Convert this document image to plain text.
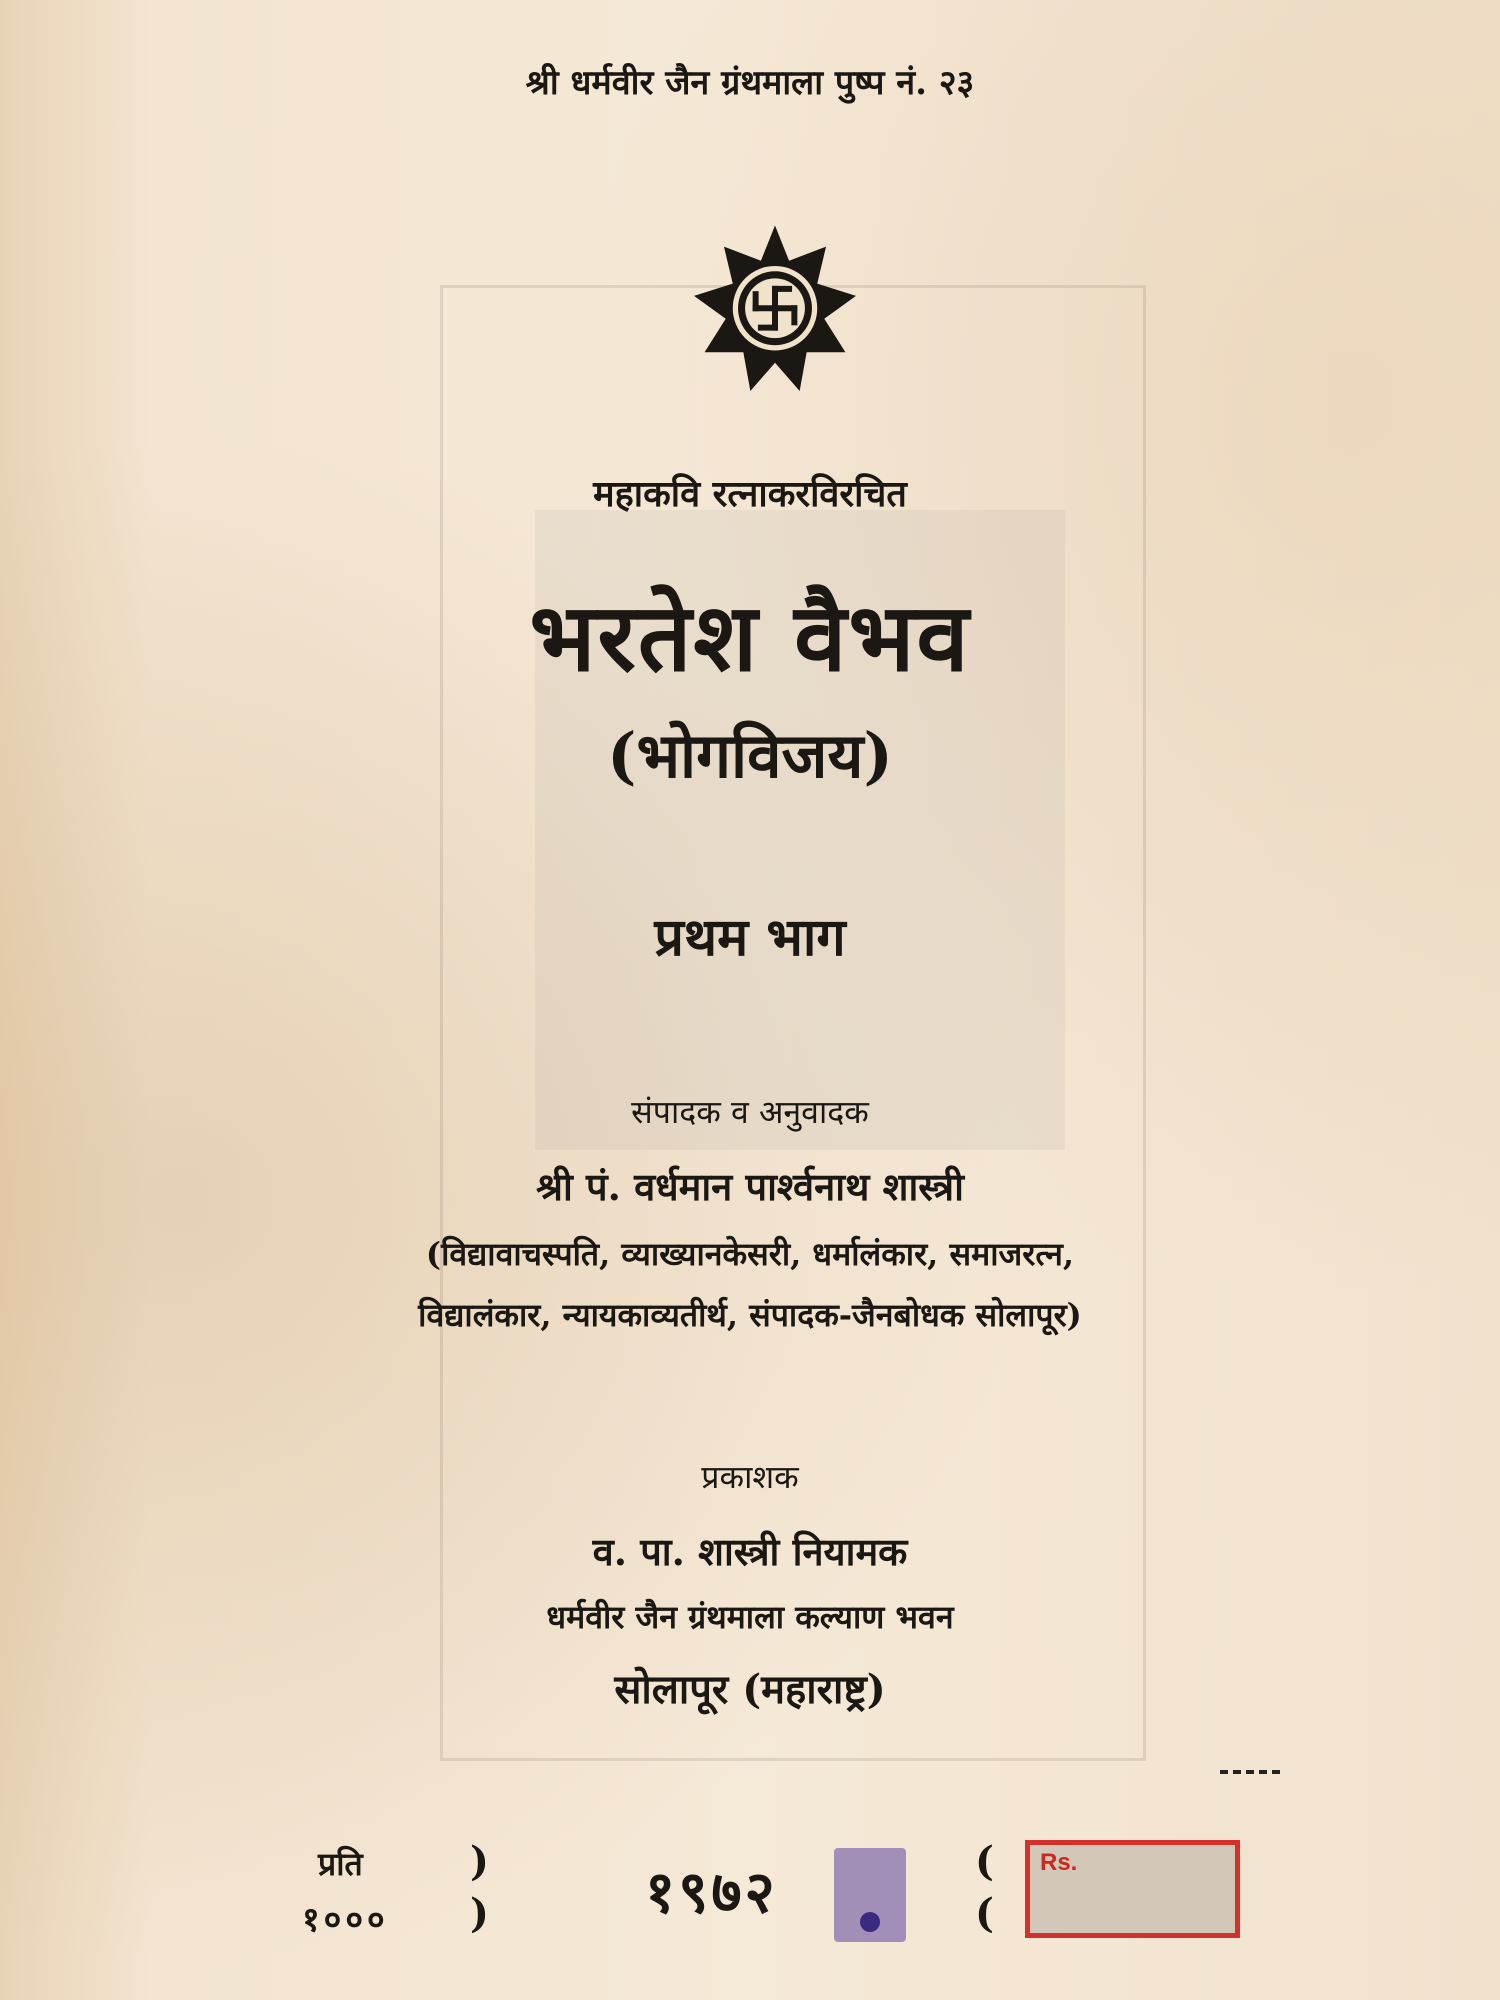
श्री धर्मवीर जैन ग्रंथमाला पुष्प नं. २३
महाकवि रत्नाकरविरचित
भरतेश वैभव
(भोगविजय)
प्रथम भाग
संपादक व अनुवादक
श्री पं. वर्धमान पार्श्वनाथ शास्त्री
(विद्यावाचस्पति, व्याख्यानकेसरी, धर्मालंकार, समाजरत्न,
विद्यालंकार, न्यायकाव्यतीर्थ, संपादक-जैनबोधक सोलापूर)
प्रकाशक
व. पा. शास्त्री नियामक
धर्मवीर जैन ग्रंथमाला कल्याण भवन
सोलापूर (महाराष्ट्र)
प्रति
१०००
)
)	१९७२	(
(
Rs.
